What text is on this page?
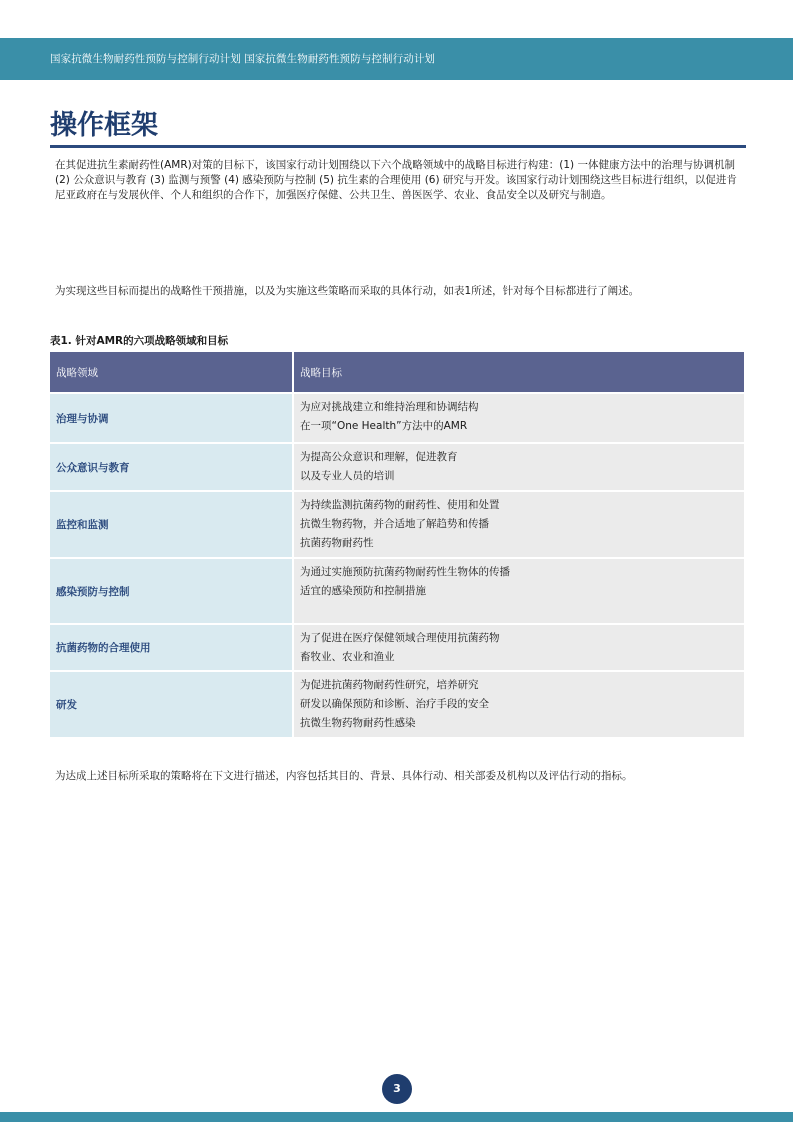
国家抗微生物耐药性预防与控制行动计划 国家抗微生物耐药性预防与控制行动计划
操作框架

在其促进抗生素耐药性(AMR)对策的目标下，该国家行动计划围绕以下六个战略领域中的战略目标进行构建：(1) 一体健康方法中的治理与协调机制 (2) 公众意识与教育 (3) 监测与预警 (4) 感染预防与控制 (5) 抗生素的合理使用 (6) 研究与开发。该国家行动计划围绕这些目标进行组织，以促进肯尼亚政府在与发展伙伴、个人和组织的合作下，加强医疗保健、公共卫生、兽医医学、农业、食品安全以及研究与制造。

为实现这些目标而提出的战略性干预措施，以及为实施这些策略而采取的具体行动，如表1所述，针对每个目标都进行了阐述。

表1. 针对AMR的六项战略领域和目标
战略领域	战略目标
治理与协调	为应对挑战建立和维持治理和协调结构
在一项“One Health”方法中的AMR

公众意识与教育	为提高公众意识和理解，促进教育
以及专业人员的培训

监控和监测	为持续监测抗菌药物的耐药性、使用和处置
抗微生物药物，并合适地了解趋势和传播
抗菌药物耐药性

感染预防与控制	为通过实施预防抗菌药物耐药性生物体的传播
适宜的感染预防和控制措施

抗菌药物的合理使用	为了促进在医疗保健领域合理使用抗菌药物
畜牧业、农业和渔业

研发	为促进抗菌药物耐药性研究，培养研究
研发以确保预防和诊断、治疗手段的安全
抗微生物药物耐药性感染

为达成上述目标所采取的策略将在下文进行描述，内容包括其目的、背景、具体行动、相关部委及机构以及评估行动的指标。

3
